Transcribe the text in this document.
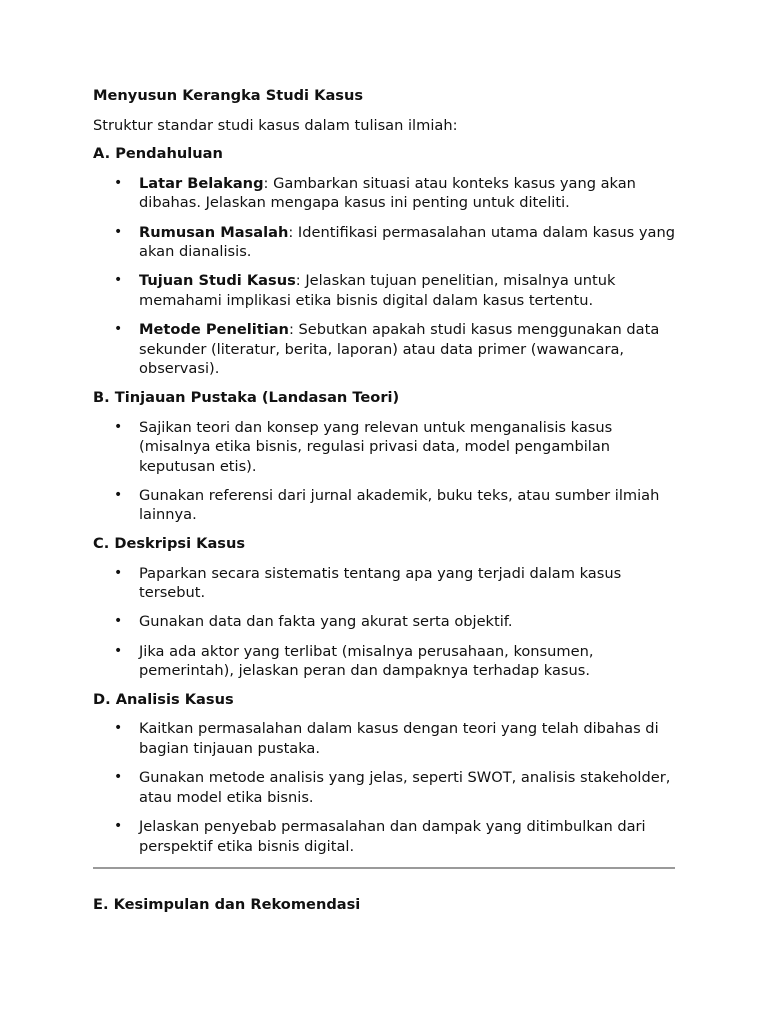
Menyusun Kerangka Studi Kasus
Struktur standar studi kasus dalam tulisan ilmiah:
A. Pendahuluan
• Latar Belakang: Gambarkan situasi atau konteks kasus yang akan dibahas. Jelaskan mengapa kasus ini penting untuk diteliti.
• Rumusan Masalah: Identifikasi permasalahan utama dalam kasus yang akan dianalisis.
• Tujuan Studi Kasus: Jelaskan tujuan penelitian, misalnya untuk memahami implikasi etika bisnis digital dalam kasus tertentu.
• Metode Penelitian: Sebutkan apakah studi kasus menggunakan data sekunder (literatur, berita, laporan) atau data primer (wawancara, observasi).
B. Tinjauan Pustaka (Landasan Teori)
• Sajikan teori dan konsep yang relevan untuk menganalisis kasus (misalnya etika bisnis, regulasi privasi data, model pengambilan keputusan etis).
• Gunakan referensi dari jurnal akademik, buku teks, atau sumber ilmiah lainnya.
C. Deskripsi Kasus
• Paparkan secara sistematis tentang apa yang terjadi dalam kasus tersebut.
• Gunakan data dan fakta yang akurat serta objektif.
• Jika ada aktor yang terlibat (misalnya perusahaan, konsumen, pemerintah), jelaskan peran dan dampaknya terhadap kasus.
D. Analisis Kasus
• Kaitkan permasalahan dalam kasus dengan teori yang telah dibahas di bagian tinjauan pustaka.
• Gunakan metode analisis yang jelas, seperti SWOT, analisis stakeholder, atau model etika bisnis.
• Jelaskan penyebab permasalahan dan dampak yang ditimbulkan dari perspektif etika bisnis digital.
E. Kesimpulan dan Rekomendasi
